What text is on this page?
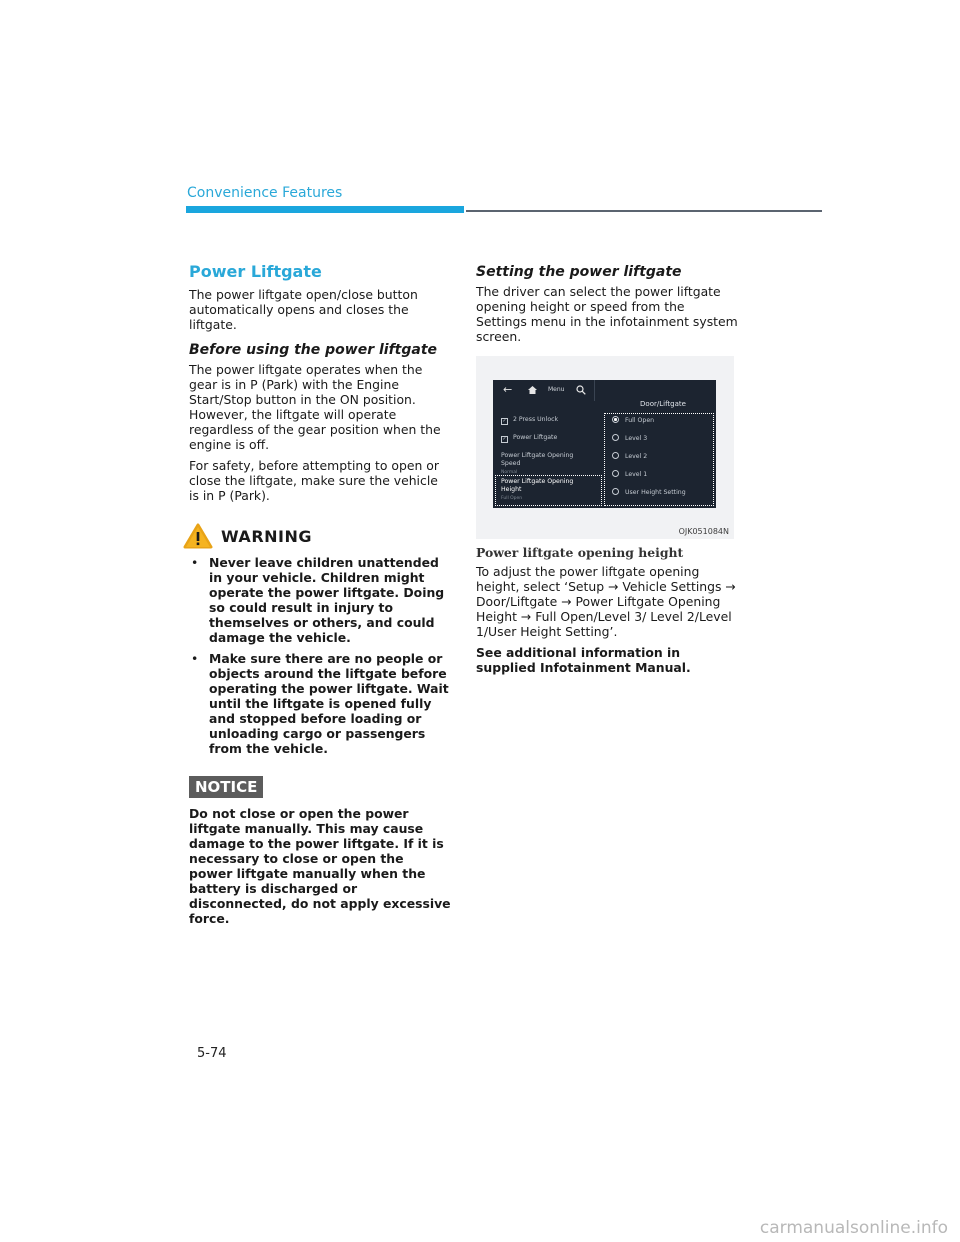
Convenience Features
Power Liftgate

The power liftgate open/close button automatically opens and closes the liftgate.

Before using the power liftgate

The power liftgate operates when the gear is in P (Park) with the Engine Start/Stop button in the ON position. However, the liftgate will operate regardless of the gear position when the engine is off.

For safety, before attempting to open or close the liftgate, make sure the vehicle is in P (Park).

WARNING
• Never leave children unattended in your vehicle. Children might operate the power liftgate. Doing so could result in injury to themselves or others, and could damage the vehicle.
• Make sure there are no people or objects around the liftgate before operating the power liftgate. Wait until the liftgate is opened fully and stopped before loading or unloading cargo or passengers from the vehicle.
NOTICE

Do not close or open the power liftgate manually. This may cause damage to the power liftgate. If it is necessary to close or open the power liftgate manually when the battery is discharged or disconnected, do not apply excessive force.

Setting the power liftgate

The driver can select the power liftgate opening height or speed from the Settings menu in the infotainment system screen.

←	Menu
Door/Liftgate
✓ 2 Press Unlock
✓ Power Liftgate
Power Liftgate Opening Speed
Normal
Power Liftgate Opening Height
Full Open
Full Open
Level 3
Level 2
Level 1
User Height Setting
OJK051084N
Power liftgate opening height

To adjust the power liftgate opening height, select ‘Setup → Vehicle Settings → Door/Liftgate → Power Liftgate Opening Height → Full Open/Level 3/ Level 2/Level 1/User Height Setting’.

See additional information in supplied Infotainment Manual.

5-74
carmanualsonline.info
